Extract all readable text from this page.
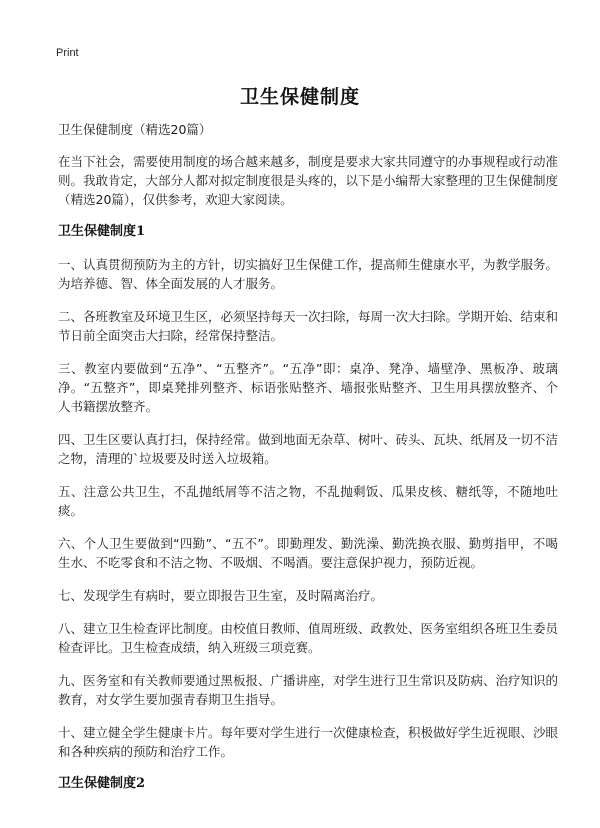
Print
卫生保健制度

卫生保健制度（精选20篇）

在当下社会，需要使用制度的场合越来越多，制度是要求大家共同遵守的办事规程或行动准则。我敢肯定，大部分人都对拟定制度很是头疼的，以下是小编帮大家整理的卫生保健制度（精选20篇），仅供参考，欢迎大家阅读。

卫生保健制度1

一、认真贯彻预防为主的方针，切实搞好卫生保健工作，提高师生健康水平，为教学服务。为培养德、智、体全面发展的人才服务。

二、各班教室及环境卫生区，必须坚持每天一次扫除，每周一次大扫除。学期开始、结束和节日前全面突击大扫除，经常保持整洁。

三、教室内要做到“五净”、“五整齐”。“五净”即：桌净、凳净、墙壁净、黑板净、玻璃净。“五整齐”，即桌凳排列整齐、标语张贴整齐、墙报张贴整齐、卫生用具摆放整齐、个人书籍摆放整齐。

四、卫生区要认真打扫，保持经常。做到地面无杂草、树叶、砖头、瓦块、纸屑及一切不洁之物，清理的`垃圾要及时送入垃圾箱。

五、注意公共卫生，不乱抛纸屑等不洁之物，不乱抛剩饭、瓜果皮核、糖纸等，不随地吐痰。

六、个人卫生要做到“四勤”、“五不”。即勤理发、勤洗澡、勤洗换衣服、勤剪指甲，不喝生水、不吃零食和不洁之物、不吸烟、不喝酒。要注意保护视力，预防近视。

七、发现学生有病时，要立即报告卫生室，及时隔离治疗。

八、建立卫生检查评比制度。由校值日教师、值周班级、政教处、医务室组织各班卫生委员检查评比。卫生检查成绩，纳入班级三项竞赛。

九、医务室和有关教师要通过黑板报、广播讲座，对学生进行卫生常识及防病、治疗知识的教育，对女学生要加强青春期卫生指导。

十、建立健全学生健康卡片。每年要对学生进行一次健康检查，积极做好学生近视眼、沙眼和各种疾病的预防和治疗工作。

卫生保健制度2
